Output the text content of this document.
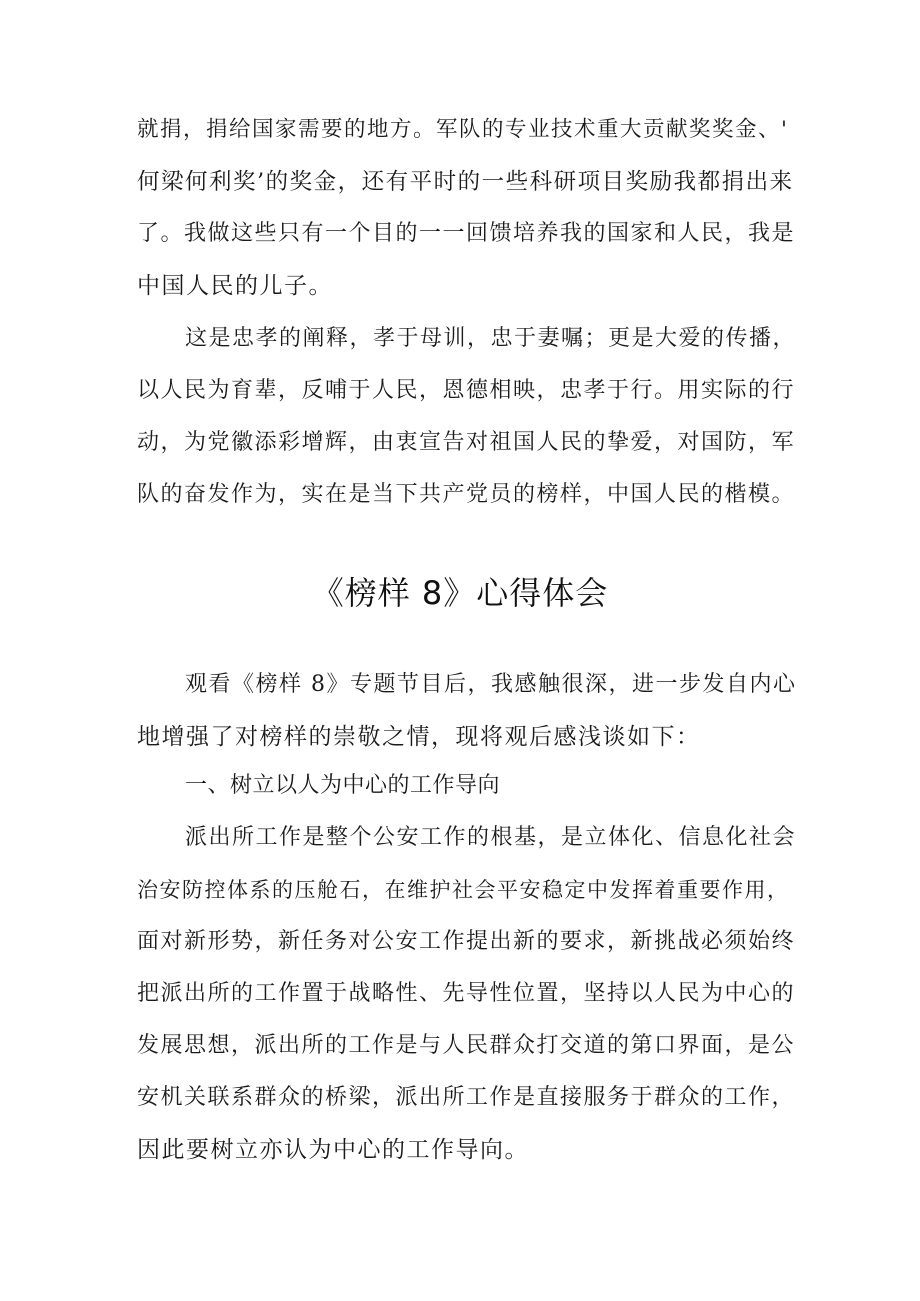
就捐，捐给国家需要的地方。军队的专业技术重大贡献奖奖金、'
何梁何利奖’的奖金，还有平时的一些科研项目奖励我都捐出来
了。我做这些只有一个目的一一回馈培养我的国家和人民，我是
中国人民的儿子。
这是忠孝的阐释，孝于母训，忠于妻嘱；更是大爱的传播，
以人民为育辈，反哺于人民，恩德相映，忠孝于行。用实际的行
动，为党徽添彩增辉，由衷宣告对祖国人民的挚爱，对国防，军
队的奋发作为，实在是当下共产党员的榜样，中国人民的楷模。
《榜样 8》心得体会
观看《榜样 8》专题节目后，我感触很深，进一步发自内心
地增强了对榜样的崇敬之情，现将观后感浅谈如下：
一、树立以人为中心的工作导向
派出所工作是整个公安工作的根基，是立体化、信息化社会
治安防控体系的压舱石，在维护社会平安稳定中发挥着重要作用，
面对新形势，新任务对公安工作提出新的要求，新挑战必须始终
把派出所的工作置于战略性、先导性位置，坚持以人民为中心的
发展思想，派出所的工作是与人民群众打交道的第口界面，是公
安机关联系群众的桥梁，派出所工作是直接服务于群众的工作，
因此要树立亦认为中心的工作导向。
